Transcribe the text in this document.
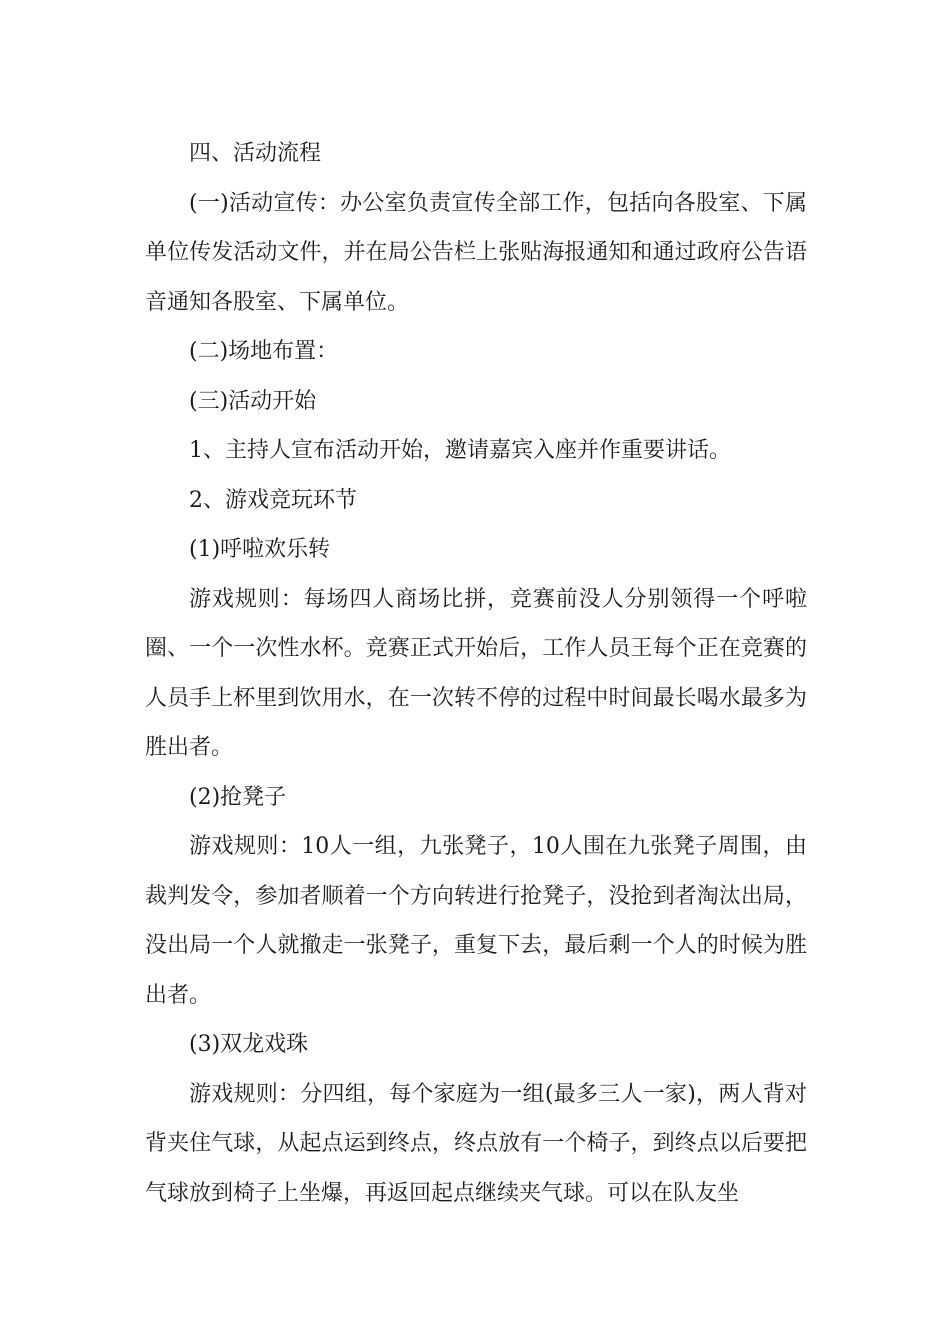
四、活动流程

(一)活动宣传：办公室负责宣传全部工作，包括向各股室、下属单位传发活动文件，并在局公告栏上张贴海报通知和通过政府公告语音通知各股室、下属单位。

(二)场地布置：

(三)活动开始

1、主持人宣布活动开始，邀请嘉宾入座并作重要讲话。

2、游戏竞玩环节

(1)呼啦欢乐转

游戏规则：每场四人商场比拼，竞赛前没人分别领得一个呼啦圈、一个一次性水杯。竞赛正式开始后，工作人员王每个正在竞赛的人员手上杯里到饮用水，在一次转不停的过程中时间最长喝水最多为胜出者。

(2)抢凳子

游戏规则：10人一组，九张凳子，10人围在九张凳子周围，由裁判发令，参加者顺着一个方向转进行抢凳子，没抢到者淘汰出局，没出局一个人就撤走一张凳子，重复下去，最后剩一个人的时候为胜出者。

(3)双龙戏珠

游戏规则：分四组，每个家庭为一组(最多三人一家)，两人背对背夹住气球，从起点运到终点，终点放有一个椅子，到终点以后要把气球放到椅子上坐爆，再返回起点继续夹气球。可以在队友坐
